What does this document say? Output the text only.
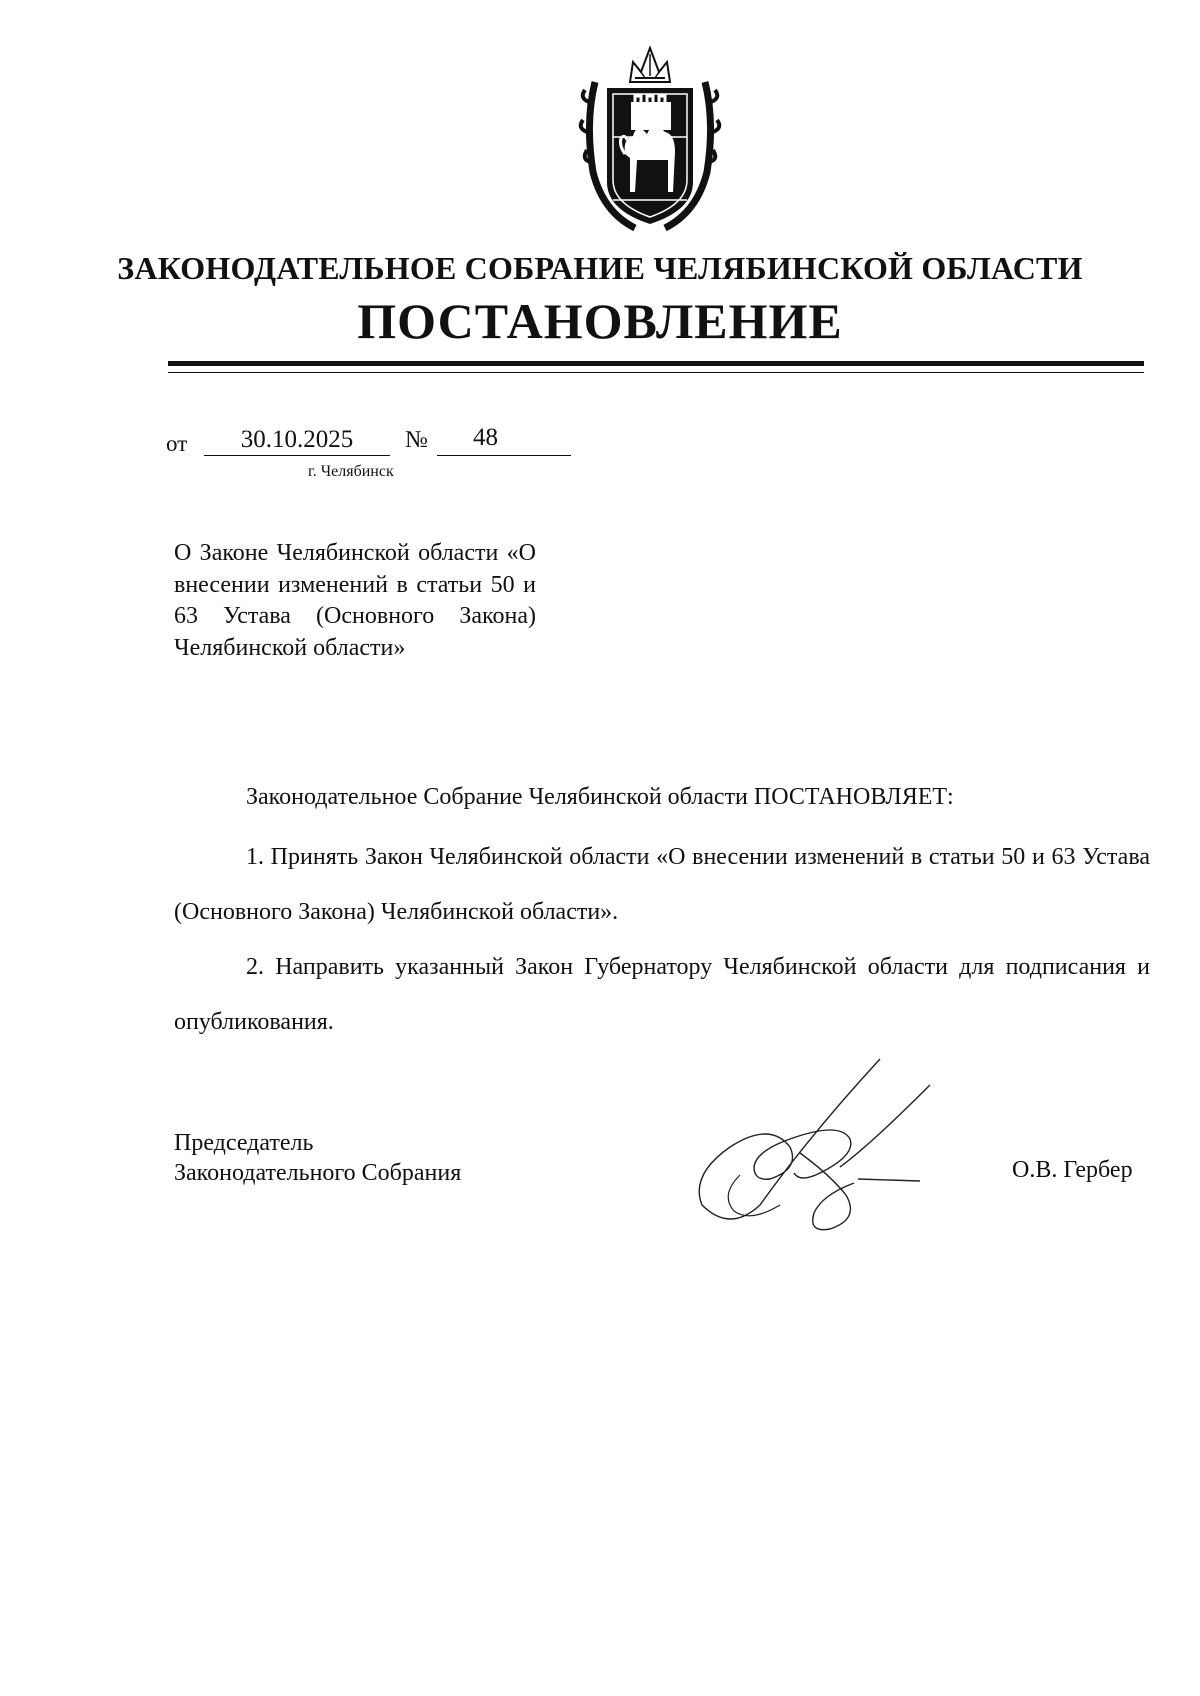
ЗАКОНОДАТЕЛЬНОЕ СОБРАНИЕ ЧЕЛЯБИНСКОЙ ОБЛАСТИ
ПОСТАНОВЛЕНИЕ
от	30.10.2025	№ 48
г. Челябинск
О Законе Челябинской области «О внесении изменений в статьи 50 и 63 Устава (Основного Закона) Челябинской области»
Законодательное Собрание Челябинской области ПОСТАНОВЛЯЕТ:
1. Принять Закон Челябинской области «О внесении изменений в статьи 50 и 63 Устава (Основного Закона) Челябинской области».
2. Направить указанный Закон Губернатору Челябинской области для подписания и опубликования.
Председатель
Законодательного Собрания	О.В. Гербер
